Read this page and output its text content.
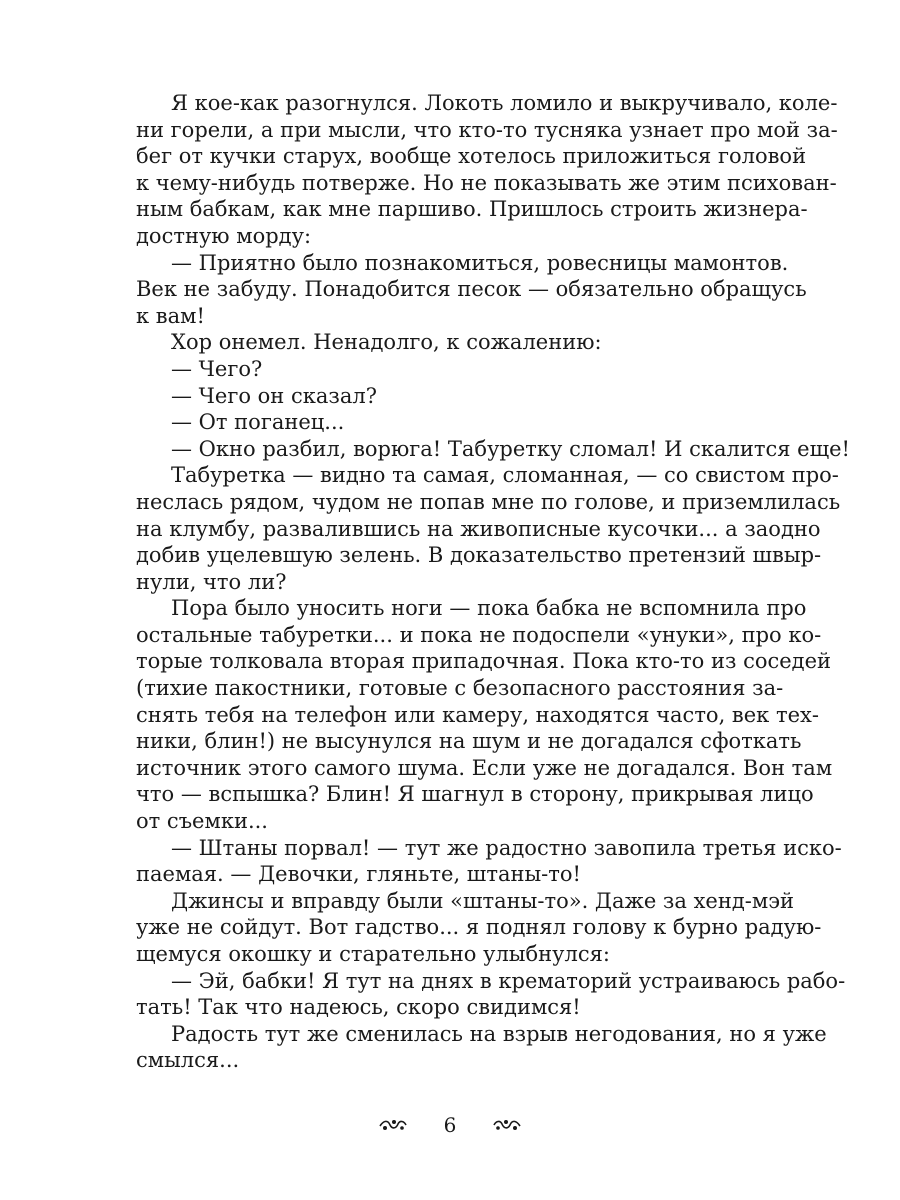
Я кое-как разогнулся. Локоть ломило и выкручивало, коле-
ни горели, а при мысли, что кто-то тусняка узнает про мой за-
бег от кучки старух, вообще хотелось приложиться головой
к чему-нибудь потверже. Но не показывать же этим психован-
ным бабкам, как мне паршиво. Пришлось строить жизнера-
достную морду:
— Приятно было познакомиться, ровесницы мамонтов.
Век не забуду. Понадобится песок — обязательно обращусь
к вам!
Хор онемел. Ненадолго, к сожалению:
— Чего?
— Чего он сказал?
— От поганец...
— Окно разбил, ворюга! Табуретку сломал! И скалится еще!
Табуретка — видно та самая, сломанная, — со свистом про-
неслась рядом, чудом не попав мне по голове, и приземлилась
на клумбу, развалившись на живописные кусочки... а заодно
добив уцелевшую зелень. В доказательство претензий швыр-
нули, что ли?
Пора было уносить ноги — пока бабка не вспомнила про
остальные табуретки... и пока не подоспели «унуки», про ко-
торые толковала вторая припадочная. Пока кто-то из соседей
(тихие пакостники, готовые с безопасного расстояния за-
снять тебя на телефон или камеру, находятся часто, век тех-
ники, блин!) не высунулся на шум и не догадался сфоткать
источник этого самого шума. Если уже не догадался. Вон там
что — вспышка? Блин! Я шагнул в сторону, прикрывая лицо
от съемки...
— Штаны порвал! — тут же радостно завопила третья иско-
паемая. — Девочки, гляньте, штаны-то!
Джинсы и вправду были «штаны-то». Даже за хенд-мэй
уже не сойдут. Вот гадство... я поднял голову к бурно радую-
щемуся окошку и старательно улыбнулся:
— Эй, бабки! Я тут на днях в крематорий устраиваюсь рабо-
тать! Так что надеюсь, скоро свидимся!
Радость тут же сменилась на взрыв негодования, но я уже
смылся...
6
